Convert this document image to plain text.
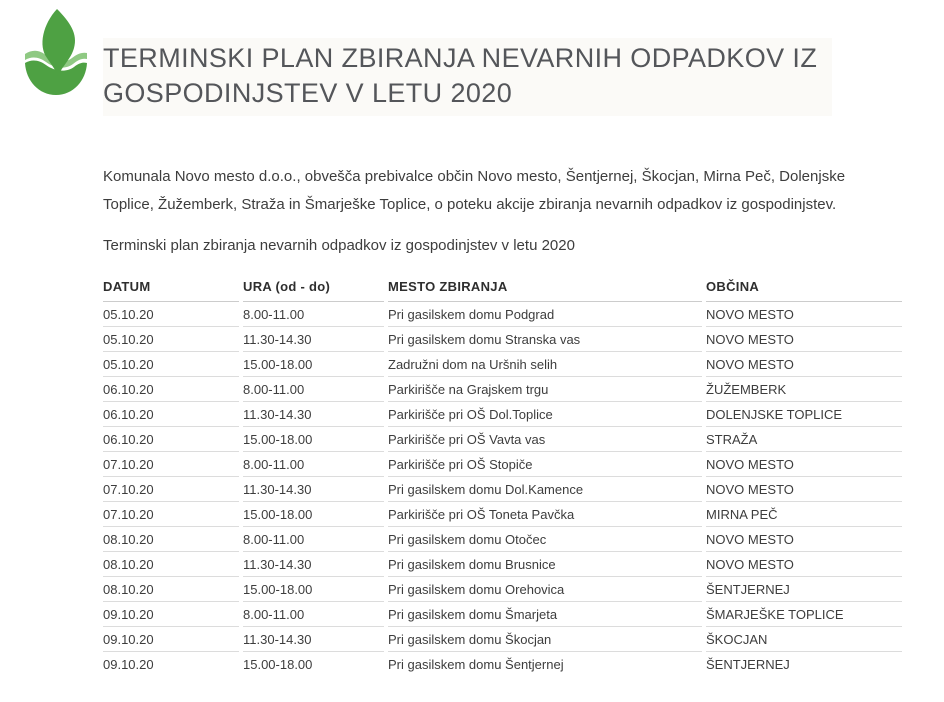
TERMINSKI PLAN ZBIRANJA NEVARNIH ODPADKOV IZ
GOSPODINJSTEV V LETU 2020
Komunala Novo mesto d.o.o., obvešča prebivalce občin Novo mesto, Šentjernej, Škocjan, Mirna Peč, Dolenjske
Toplice, Žužemberk, Straža in Šmarješke Toplice, o poteku akcije zbiranja nevarnih odpadkov iz gospodinjstev.
Terminski plan zbiranja nevarnih odpadkov iz gospodinjstev v letu 2020
DATUM	URA (od - do)	MESTO ZBIRANJA	OBČINA
05.10.20	8.00-11.00	Pri gasilskem domu Podgrad	NOVO MESTO
05.10.20	11.30-14.30	Pri gasilskem domu Stranska vas	NOVO MESTO
05.10.20	15.00-18.00	Zadružni dom na Uršnih selih	NOVO MESTO
06.10.20	8.00-11.00	Parkirišče na Grajskem trgu	ŽUŽEMBERK
06.10.20	11.30-14.30	Parkirišče pri OŠ Dol.Toplice	DOLENJSKE TOPLICE
06.10.20	15.00-18.00	Parkirišče pri OŠ Vavta vas	STRAŽA
07.10.20	8.00-11.00	Parkirišče pri OŠ Stopiče	NOVO MESTO
07.10.20	11.30-14.30	Pri gasilskem domu Dol.Kamence	NOVO MESTO
07.10.20	15.00-18.00	Parkirišče pri OŠ Toneta Pavčka	MIRNA PEČ
08.10.20	8.00-11.00	Pri gasilskem domu Otočec	NOVO MESTO
08.10.20	11.30-14.30	Pri gasilskem domu Brusnice	NOVO MESTO
08.10.20	15.00-18.00	Pri gasilskem domu Orehovica	ŠENTJERNEJ
09.10.20	8.00-11.00	Pri gasilskem domu Šmarjeta	ŠMARJEŠKE TOPLICE
09.10.20	11.30-14.30	Pri gasilskem domu Škocjan	ŠKOCJAN
09.10.20	15.00-18.00	Pri gasilskem domu Šentjernej	ŠENTJERNEJ
